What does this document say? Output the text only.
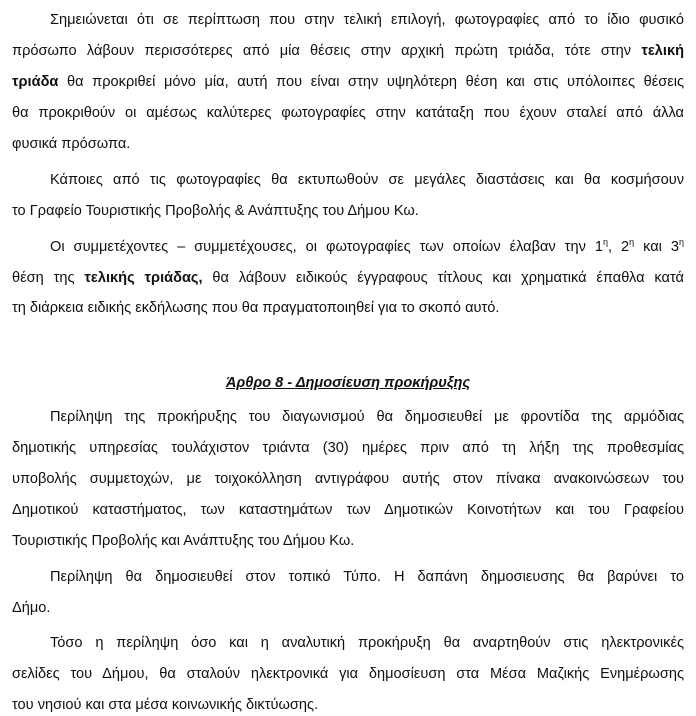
Σημειώνεται ότι σε περίπτωση που στην τελική επιλογή, φωτογραφίες από το ίδιο φυσικό
πρόσωπο λάβουν περισσότερες από μία θέσεις στην αρχική πρώτη τριάδα, τότε στην τελική
τριάδα θα προκριθεί μόνο μία, αυτή που είναι στην υψηλότερη θέση και στις υπόλοιπες θέσεις
θα προκριθούν οι αμέσως καλύτερες φωτογραφίες στην κατάταξη που έχουν σταλεί από άλλα
φυσικά πρόσωπα.
Κάποιες από τις φωτογραφίες θα εκτυπωθούν σε μεγάλες διαστάσεις και θα κοσμήσουν
το Γραφείο Τουριστικής Προβολής & Ανάπτυξης του Δήμου Κω.
Οι συμμετέχοντες – συμμετέχουσες, οι φωτογραφίες των οποίων έλαβαν την $1^\eta$, $2^\eta$ και $3^\eta$
θέση της τελικής τριάδας, θα λάβουν ειδικούς έγγραφους τίτλους και χρηματικά έπαθλα κατά
τη διάρκεια ειδικής εκδήλωσης που θα πραγματοποιηθεί για το σκοπό αυτό.
Άρθρο 8 - Δημοσίευση προκήρυξης
Περίληψη της προκήρυξης του διαγωνισμού θα δημοσιευθεί με φροντίδα της αρμόδιας
δημοτικής υπηρεσίας τουλάχιστον τριάντα (30) ημέρες πριν από τη λήξη της προθεσμίας
υποβολής συμμετοχών, με τοιχοκόλληση αντιγράφου αυτής στον πίνακα ανακοινώσεων του
Δημοτικού καταστήματος, των καταστημάτων των Δημοτικών Κοινοτήτων και του Γραφείου
Τουριστικής Προβολής και Ανάπτυξης του Δήμου Κω.
Περίληψη θα δημοσιευθεί στον τοπικό Τύπο. Η δαπάνη δημοσιευσης θα βαρύνει το
Δήμο.
Τόσο η περίληψη όσο και η αναλυτική προκήρυξη θα αναρτηθούν στις ηλεκτρονικές
σελίδες του Δήμου, θα σταλούν ηλεκτρονικά για δημοσίευση στα Μέσα Μαζικής Ενημέρωσης
του νησιού και στα μέσα κοινωνικής δικτύωσης.
